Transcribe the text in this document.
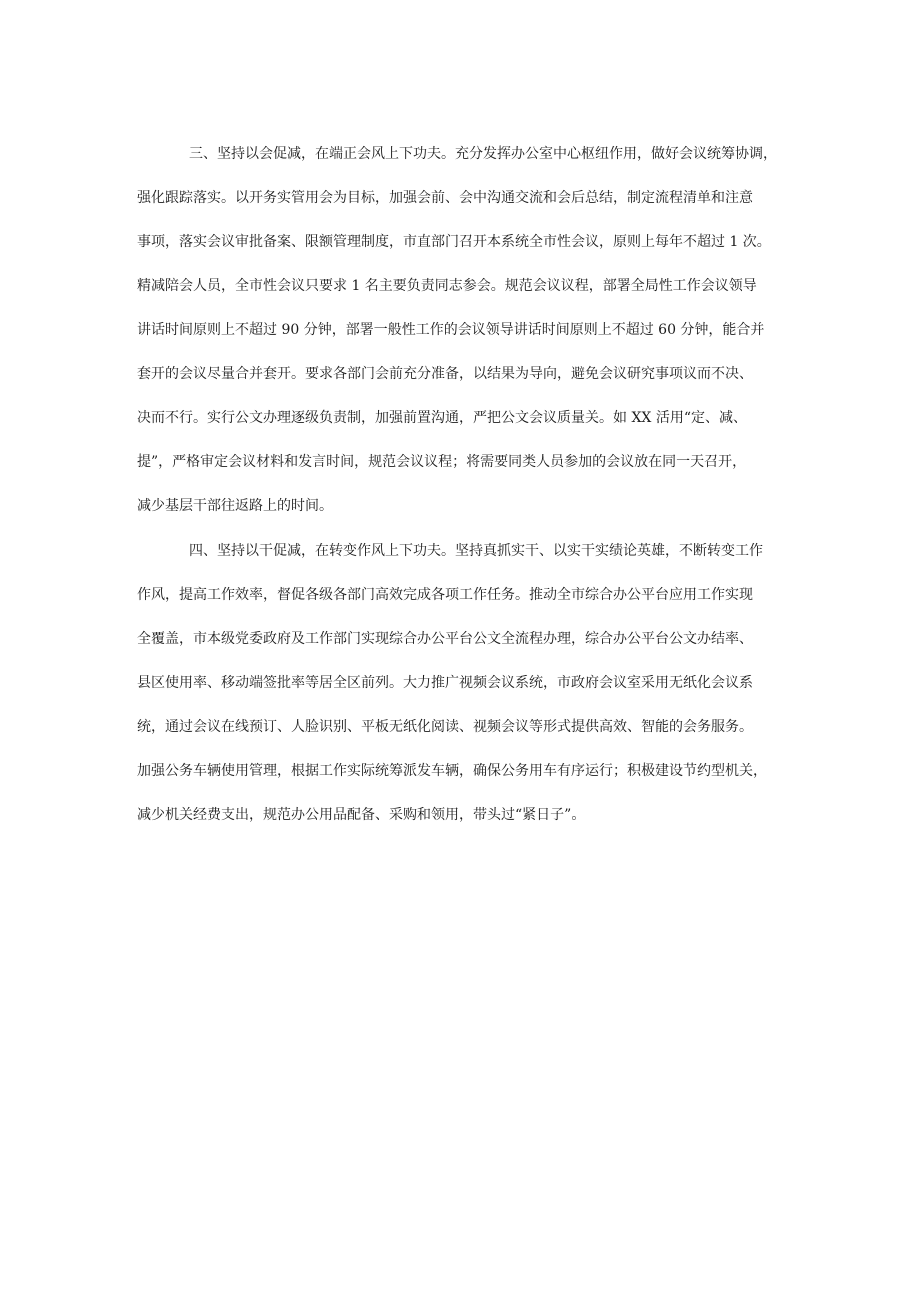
三、坚持以会促减，在端正会风上下功夫。充分发挥办公室中心枢纽作用，做好会议统筹协调，
强化跟踪落实。以开务实管用会为目标，加强会前、会中沟通交流和会后总结，制定流程清单和注意
事项，落实会议审批备案、限额管理制度，市直部门召开本系统全市性会议，原则上每年不超过 1 次。
精减陪会人员，全市性会议只要求 1 名主要负责同志参会。规范会议议程，部署全局性工作会议领导
讲话时间原则上不超过 90 分钟，部署一般性工作的会议领导讲话时间原则上不超过 60 分钟，能合并
套开的会议尽量合并套开。要求各部门会前充分准备，以结果为导向，避免会议研究事项议而不决、
决而不行。实行公文办理逐级负责制，加强前置沟通，严把公文会议质量关。如 XX 活用“定、减、
提”，严格审定会议材料和发言时间，规范会议议程；将需要同类人员参加的会议放在同一天召开，
减少基层干部往返路上的时间。
四、坚持以干促减，在转变作风上下功夫。坚持真抓实干、以实干实绩论英雄，不断转变工作
作风，提高工作效率，督促各级各部门高效完成各项工作任务。推动全市综合办公平台应用工作实现
全覆盖，市本级党委政府及工作部门实现综合办公平台公文全流程办理，综合办公平台公文办结率、
县区使用率、移动端签批率等居全区前列。大力推广视频会议系统，市政府会议室采用无纸化会议系
统，通过会议在线预订、人脸识别、平板无纸化阅读、视频会议等形式提供高效、智能的会务服务。
加强公务车辆使用管理，根据工作实际统筹派发车辆，确保公务用车有序运行；积极建设节约型机关，
减少机关经费支出，规范办公用品配备、采购和领用，带头过“紧日子”。
